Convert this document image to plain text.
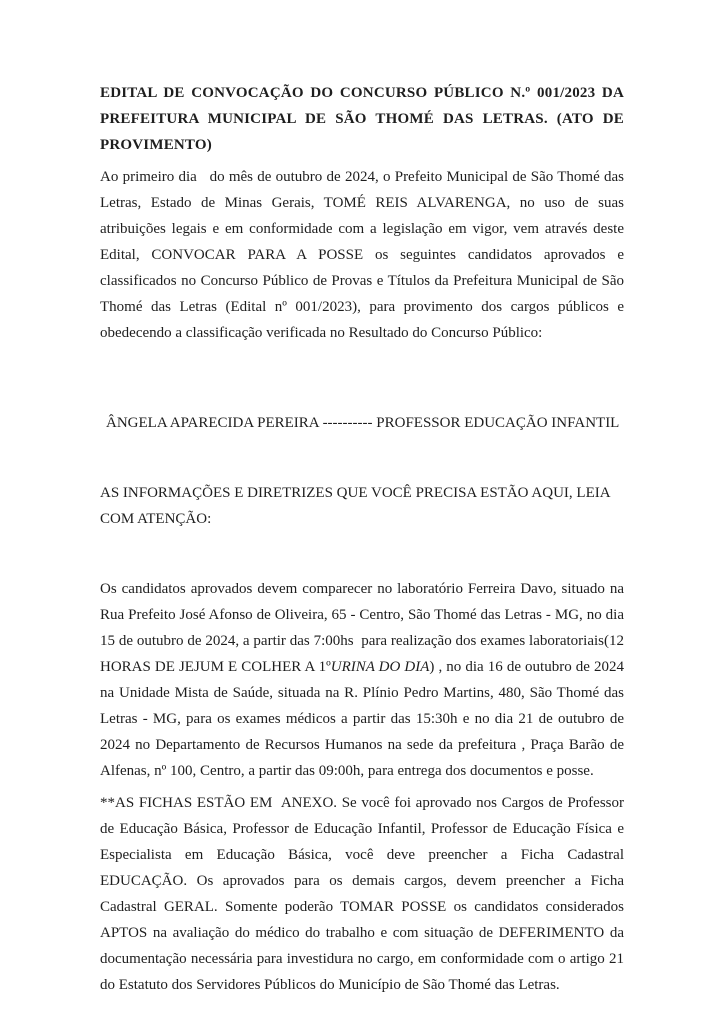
EDITAL DE CONVOCAÇÃO DO CONCURSO PÚBLICO N.º 001/2023 DA PREFEITURA MUNICIPAL DE SÃO THOMÉ DAS LETRAS. (ATO DE PROVIMENTO)

Ao primeiro dia   do mês de outubro de 2024, o Prefeito Municipal de São Thomé das Letras, Estado de Minas Gerais, TOMÉ REIS ALVARENGA, no uso de suas atribuições legais e em conformidade com a legislação em vigor, vem através deste Edital, CONVOCAR PARA A POSSE os seguintes candidatos aprovados e classificados no Concurso Público de Provas e Títulos da Prefeitura Municipal de São Thomé das Letras (Edital nº 001/2023), para provimento dos cargos públicos e obedecendo a classificação verificada no Resultado do Concurso Público:

ÂNGELA APARECIDA PEREIRA ---------- PROFESSOR EDUCAÇÃO INFANTIL

AS INFORMAÇÕES E DIRETRIZES QUE VOCÊ PRECISA ESTÃO AQUI, LEIA COM ATENÇÃO:

Os candidatos aprovados devem comparecer no laboratório Ferreira Davo, situado na Rua Prefeito José Afonso de Oliveira, 65 - Centro, São Thomé das Letras - MG, no dia 15 de outubro de 2024, a partir das 7:00hs  para realização dos exames laboratoriais(12 HORAS DE JEJUM E COLHER A 1ºURINA DO DIA) , no dia 16 de outubro de 2024 na Unidade Mista de Saúde, situada na R. Plínio Pedro Martins, 480, São Thomé das Letras - MG, para os exames médicos a partir das 15:30h e no dia 21 de outubro de 2024 no Departamento de Recursos Humanos na sede da prefeitura , Praça Barão de Alfenas, nº 100, Centro, a partir das 09:00h, para entrega dos documentos e posse.

**AS FICHAS ESTÃO EM  ANEXO. Se você foi aprovado nos Cargos de Professor de Educação Básica, Professor de Educação Infantil, Professor de Educação Física e Especialista em Educação Básica, você deve preencher a Ficha Cadastral EDUCAÇÃO. Os aprovados para os demais cargos, devem preencher a Ficha Cadastral GERAL. Somente poderão TOMAR POSSE os candidatos considerados APTOS na avaliação do médico do trabalho e com situação de DEFERIMENTO da documentação necessária para investidura no cargo, em conformidade com o artigo 21 do Estatuto dos Servidores Públicos do Município de São Thomé das Letras.
